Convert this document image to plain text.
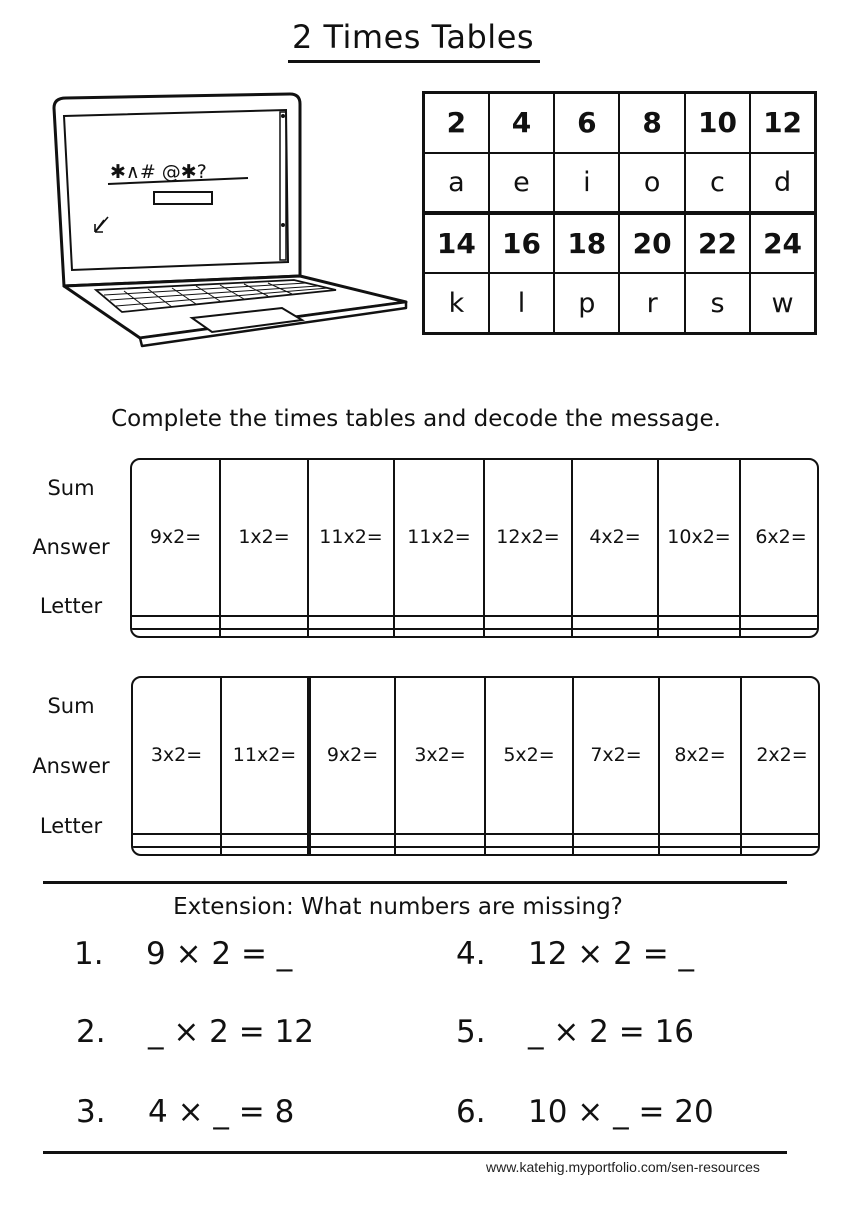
2 Times Tables
✱∧# @✱?
2	4	6	8	10	12
a	e	i	o	c	d
14	16	18	20	22	24
k	l	p	r	s	w
Complete the times tables and decode the message.
Sum
Answer
Letter
9x2=	1x2=	11x2=	11x2=	12x2=	4x2=	10x2=	6x2=

Sum
Answer
Letter
3x2=	11x2=	9x2=	3x2=	5x2=	7x2=	8x2=	2x2=

Extension: What numbers are missing?
1. 9 × 2 = _
2. _ × 2 = 12
3. 4 × _ = 8
4. 12 × 2 = _
5. _ × 2 = 16
6. 10 × _ = 20
www.katehig.myportfolio.com/sen-resources
